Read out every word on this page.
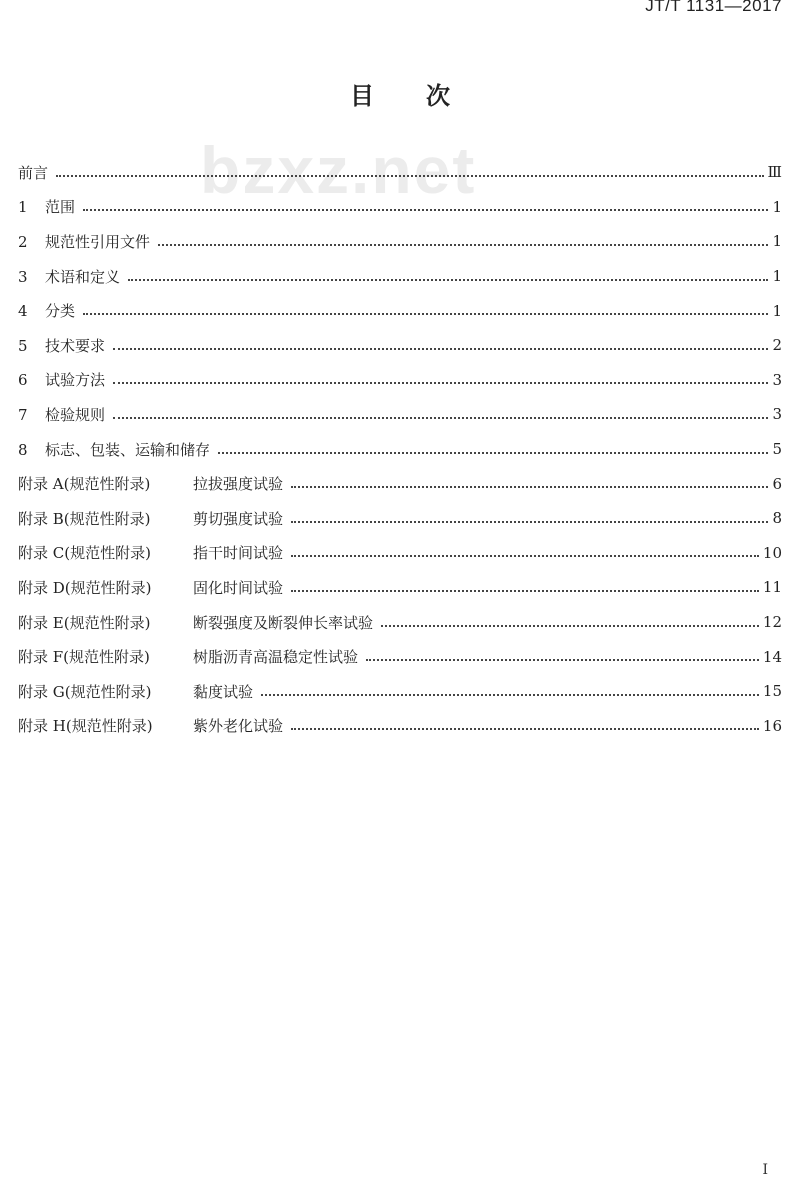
JT/T 1131—2017
bzxz.net
目 次
前言	Ⅲ
1 范围	1
2 规范性引用文件	1
3 术语和定义	1
4 分类	1
5 技术要求	2
6 试验方法	3
7 检验规则	3
8 标志、包装、运输和储存	5
附录 A(规范性附录)	拉拔强度试验	6
附录 B(规范性附录)	剪切强度试验	8
附录 C(规范性附录)	指干时间试验	10
附录 D(规范性附录)	固化时间试验	11
附录 E(规范性附录)	断裂强度及断裂伸长率试验	12
附录 F(规范性附录)	树脂沥青高温稳定性试验	14
附录 G(规范性附录)	黏度试验	15
附录 H(规范性附录)	紫外老化试验	16
I
